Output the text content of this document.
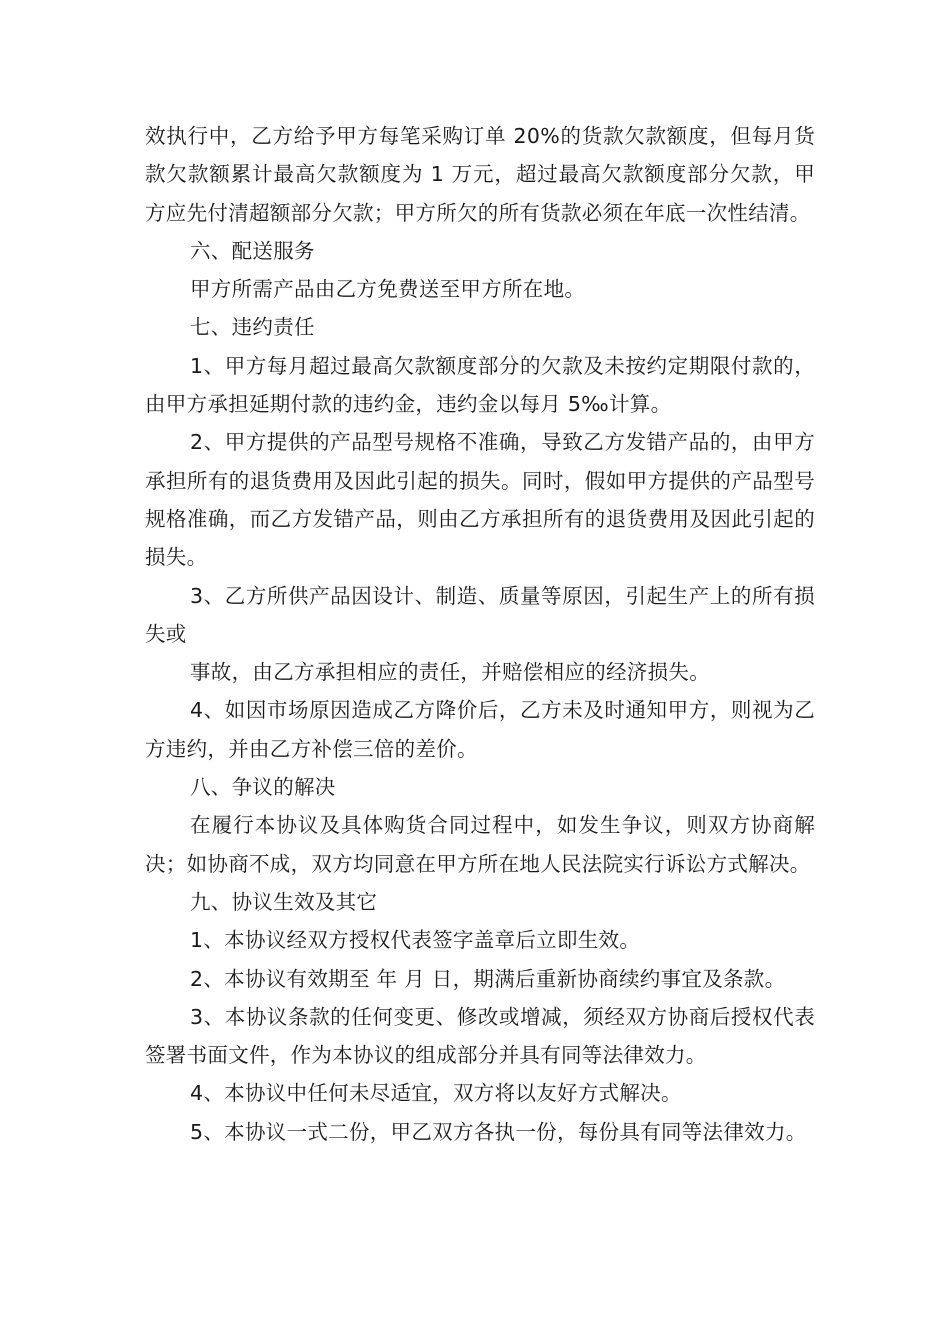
效执行中，乙方给予甲方每笔采购订单 20%的货款欠款额度，但每月货款欠款额累计最高欠款额度为 1 万元，超过最高欠款额度部分欠款，甲方应先付清超额部分欠款；甲方所欠的所有货款必须在年底一次性结清。

六、配送服务

甲方所需产品由乙方免费送至甲方所在地。

七、违约责任

1、甲方每月超过最高欠款额度部分的欠款及未按约定期限付款的，由甲方承担延期付款的违约金，违约金以每月 5‰计算。

2、甲方提供的产品型号规格不准确，导致乙方发错产品的，由甲方承担所有的退货费用及因此引起的损失。同时，假如甲方提供的产品型号规格准确，而乙方发错产品，则由乙方承担所有的退货费用及因此引起的损失。

3、乙方所供产品因设计、制造、质量等原因，引起生产上的所有损失或

事故，由乙方承担相应的责任，并赔偿相应的经济损失。

4、如因市场原因造成乙方降价后，乙方未及时通知甲方，则视为乙方违约，并由乙方补偿三倍的差价。

八、争议的解决

在履行本协议及具体购货合同过程中，如发生争议，则双方协商解决；如协商不成，双方均同意在甲方所在地人民法院实行诉讼方式解决。

九、协议生效及其它

1、本协议经双方授权代表签字盖章后立即生效。

2、本协议有效期至 年 月 日，期满后重新协商续约事宜及条款。

3、本协议条款的任何变更、修改或增减，须经双方协商后授权代表签署书面文件，作为本协议的组成部分并具有同等法律效力。

4、本协议中任何未尽适宜，双方将以友好方式解决。

5、本协议一式二份，甲乙双方各执一份，每份具有同等法律效力。
